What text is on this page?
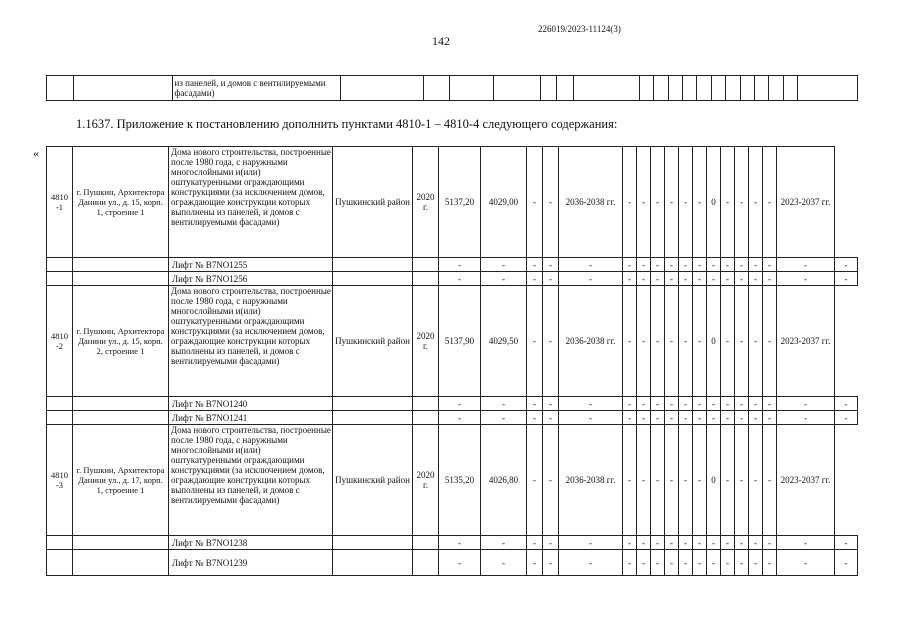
226019/2023-11124(3)
142
		из панелей, и домов с вентилируемыми фасадами)																			
1.1637. Приложение к постановлению дополнить пунктами 4810-1 – 4810-4 следующего содержания:
«
4810 -1	г. Пушкин, Архитектора Данини ул., д. 15, корп. 1, строение 1	Дома нового строительства, построенные после 1980 года, с наружными многослойными и(или) оштукатуренными ограждающими конструкциями (за исключением домов, ограждающие конструкции которых выполнены из панелей, и домов с вентилируемыми фасадами)	Пушкинский район	2020 г.	5137,20	4029,00	-	-	2036-2038 гг.	-	-	-	-	-	-	0	-	-	-	-	2023-2037 гг.	
		Лифт № B7NO1255			-	-	-	-	-	-	-	-	-	-	-	-	-	-	-	-	-	-
		Лифт № B7NO1256			-	-	-	-	-	-	-	-	-	-	-	-	-	-	-	-	-	-
4810 -2	г. Пушкин, Архитектора Данини ул., д. 15, корп. 2, строение 1	Дома нового строительства, построенные после 1980 года, с наружными многослойными и(или) оштукатуренными ограждающими конструкциями (за исключением домов, ограждающие конструкции которых выполнены из панелей, и домов с вентилируемыми фасадами)	Пушкинский район	2020 г.	5137,90	4029,50	-	-	2036-2038 гг.	-	-	-	-	-	-	0	-	-	-	-	2023-2037 гг.	
		Лифт № B7NO1240			-	-	-	-	-	-	-	-	-	-	-	-	-	-	-	-	-	-
		Лифт № B7NO1241			-	-	-	-	-	-	-	-	-	-	-	-	-	-	-	-	-	-
4810 -3	г. Пушкин, Архитектора Данини ул., д. 17, корп. 1, строение 1	Дома нового строительства, построенные после 1980 года, с наружными многослойными и(или) оштукатуренными ограждающими конструкциями (за исключением домов, ограждающие конструкции которых выполнены из панелей, и домов с вентилируемыми фасадами)	Пушкинский район	2020 г.	5135,20	4026,80	-	-	2036-2038 гг.	-	-	-	-	-	-	0	-	-	-	-	2023-2037 гг.	
		Лифт № B7NO1238			-	-	-	-	-	-	-	-	-	-	-	-	-	-	-	-	-	-
		Лифт № B7NO1239			-	-	-	-	-	-	-	-	-	-	-	-	-	-	-	-	-	-
